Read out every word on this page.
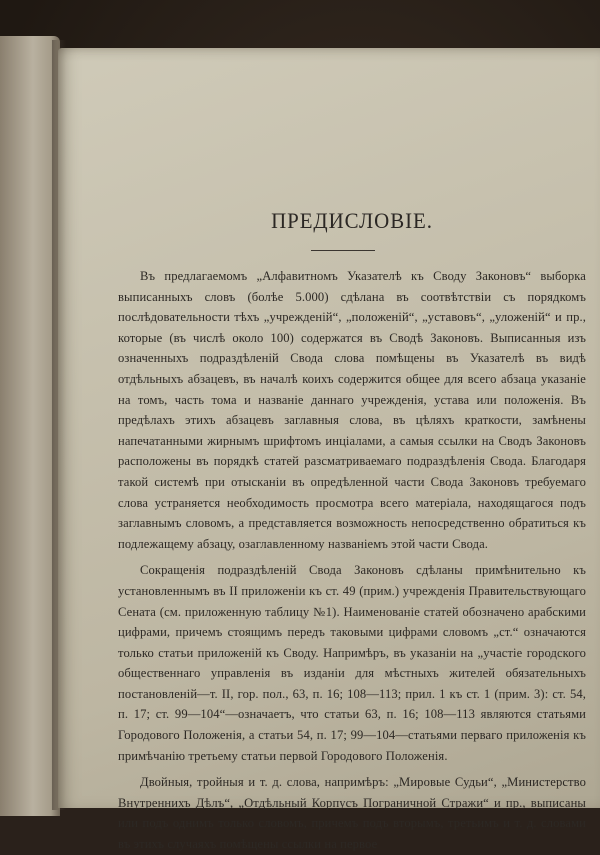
ПРЕДИСЛОВІЕ.

Въ предлагаемомъ „Алфавитномъ Указателѣ къ Своду Законовъ“ выборка выписанныхъ словъ (болѣе 5.000) сдѣлана въ соотвѣтствіи съ порядкомъ послѣдовательности тѣхъ „учрежденій“, „положеній“, „уставовъ“, „уложеній“ и пр., которые (въ числѣ около 100) содержатся въ Сводѣ Законовъ. Выписанныя изъ означенныхъ подраздѣленій Свода слова помѣщены въ Указателѣ въ видѣ отдѣльныхъ абзацевъ, въ началѣ коихъ содержится общее для всего абзаца указаніе на томъ, часть тома и названіе даннаго учрежденія, устава или положенія. Въ предѣлахъ этихъ абзацевъ заглавныя слова, въ цѣляхъ краткости, замѣнены напечатанными жирнымъ шрифтомъ инціалами, а самыя ссылки на Сводъ Законовъ расположены въ порядкѣ статей разсматриваемаго подраздѣленія Свода. Благодаря такой системѣ при отысканіи въ опредѣленной части Свода Законовъ требуемаго слова устраняется необходимость просмотра всего матеріала, находящагося подъ заглавнымъ словомъ, а представляется возможность непосредственно обратиться къ подлежащему абзацу, озаглавленному названіемъ этой части Свода.

Сокращенія подраздѣленій Свода Законовъ сдѣланы примѣнительно къ установленнымъ въ II приложеніи къ ст. 49 (прим.) учрежденія Правительствующаго Сената (см. приложенную таблицу №1). Наименованіе статей обозначено арабскими цифрами, причемъ стоящимъ передъ таковыми цифрами словомъ „ст.“ означаются только статьи приложеній къ Своду. Напримѣръ, въ указаніи на „участіе городского общественнаго управленія въ изданіи для мѣстныхъ жителей обязательныхъ постановленій—т. II, гор. пол., 63, п. 16; 108—113; прил. 1 къ ст. 1 (прим. 3): ст. 54, п. 17; ст. 99—104“—означаетъ, что статьи 63, п. 16; 108—113 являются статьями Городового Положенія, а статьи 54, п. 17; 99—104—статьями перваго приложенія къ примѣчанію третьему статьи первой Городового Положенія.

Двойныя, тройныя и т. д. слова, напримѣръ: „Мировые Судьи“, „Министерство Внутреннихъ Дѣлъ“, „Отдѣльный Корпусъ Пограничной Стражи“ и пр., выписаны или подъ однимъ только словомъ, причемъ подъ вторымъ, третьимъ и т. д. словами въ этихъ случаяхъ помѣщены ссылки на первое
